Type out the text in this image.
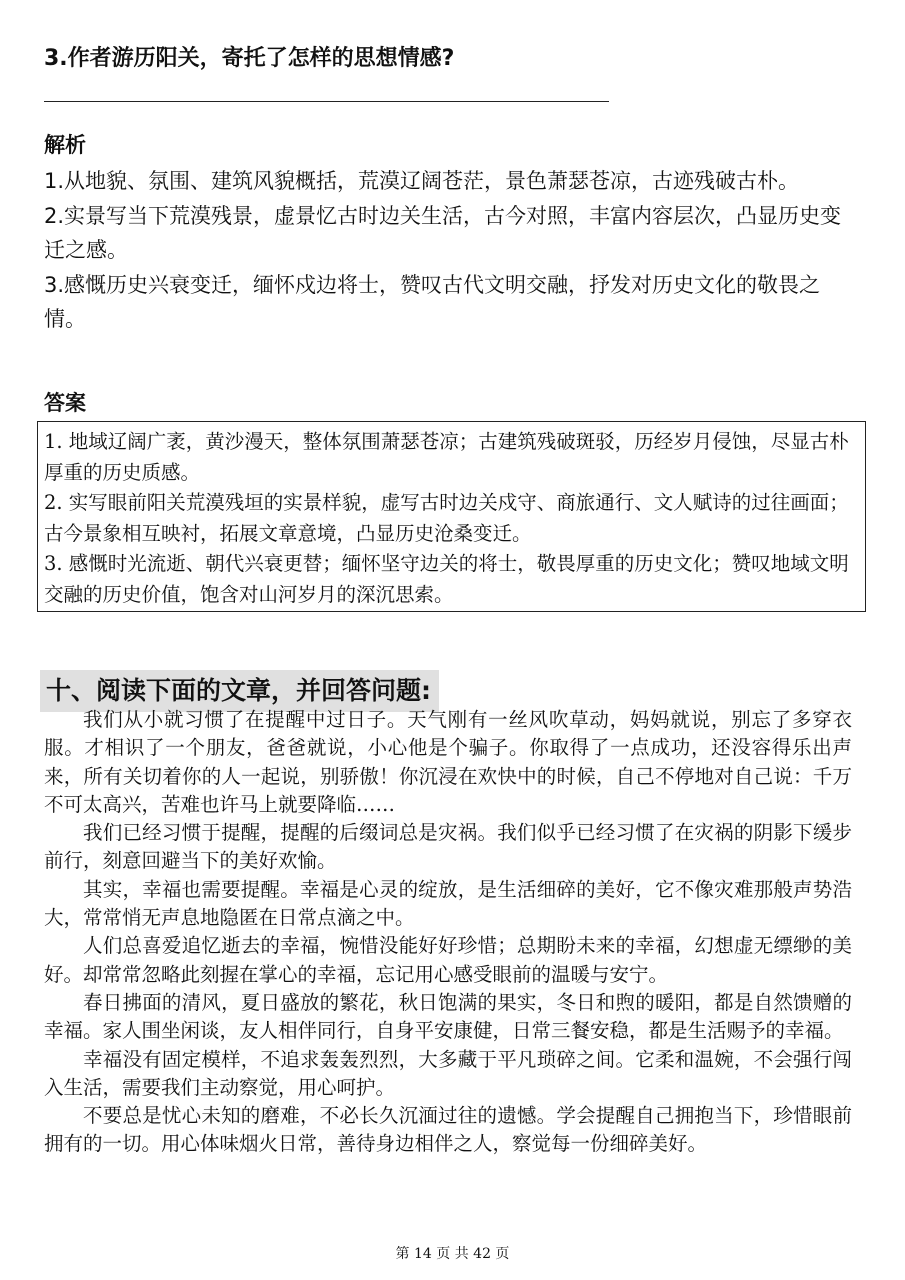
3.作者游历阳关，寄托了怎样的思想情感?
解析
1.从地貌、氛围、建筑风貌概括，荒漠辽阔苍茫，景色萧瑟苍凉，古迹残破古朴。
2.实景写当下荒漠残景，虚景忆古时边关生活，古今对照，丰富内容层次，凸显历史变迁之感。
3.感慨历史兴衰变迁，缅怀戍边将士，赞叹古代文明交融，抒发对历史文化的敬畏之情。
答案
1. 地域辽阔广袤，黄沙漫天，整体氛围萧瑟苍凉；古建筑残破斑驳，历经岁月侵蚀，尽显古朴厚重的历史质感。
2. 实写眼前阳关荒漠残垣的实景样貌，虚写古时边关戍守、商旅通行、文人赋诗的过往画面；古今景象相互映衬，拓展文章意境，凸显历史沧桑变迁。
3. 感慨时光流逝、朝代兴衰更替；缅怀坚守边关的将士，敬畏厚重的历史文化；赞叹地域文明交融的历史价值，饱含对山河岁月的深沉思索。
十、阅读下面的文章，并回答问题:

我们从小就习惯了在提醒中过日子。天气刚有一丝风吹草动，妈妈就说，别忘了多穿衣服。才相识了一个朋友，爸爸就说，小心他是个骗子。你取得了一点成功，还没容得乐出声来，所有关切着你的人一起说，别骄傲！你沉浸在欢快中的时候，自己不停地对自己说：千万不可太高兴，苦难也许马上就要降临……

我们已经习惯于提醒，提醒的后缀词总是灾祸。我们似乎已经习惯了在灾祸的阴影下缓步前行，刻意回避当下的美好欢愉。

其实，幸福也需要提醒。幸福是心灵的绽放，是生活细碎的美好，它不像灾难那般声势浩大，常常悄无声息地隐匿在日常点滴之中。

人们总喜爱追忆逝去的幸福，惋惜没能好好珍惜；总期盼未来的幸福，幻想虚无缥缈的美好。却常常忽略此刻握在掌心的幸福，忘记用心感受眼前的温暖与安宁。

春日拂面的清风，夏日盛放的繁花，秋日饱满的果实，冬日和煦的暖阳，都是自然馈赠的幸福。家人围坐闲谈，友人相伴同行，自身平安康健，日常三餐安稳，都是生活赐予的幸福。

幸福没有固定模样，不追求轰轰烈烈，大多藏于平凡琐碎之间。它柔和温婉，不会强行闯入生活，需要我们主动察觉，用心呵护。

不要总是忧心未知的磨难，不必长久沉湎过往的遗憾。学会提醒自己拥抱当下，珍惜眼前拥有的一切。用心体味烟火日常，善待身边相伴之人，察觉每一份细碎美好。

第 14 页 共 42 页
